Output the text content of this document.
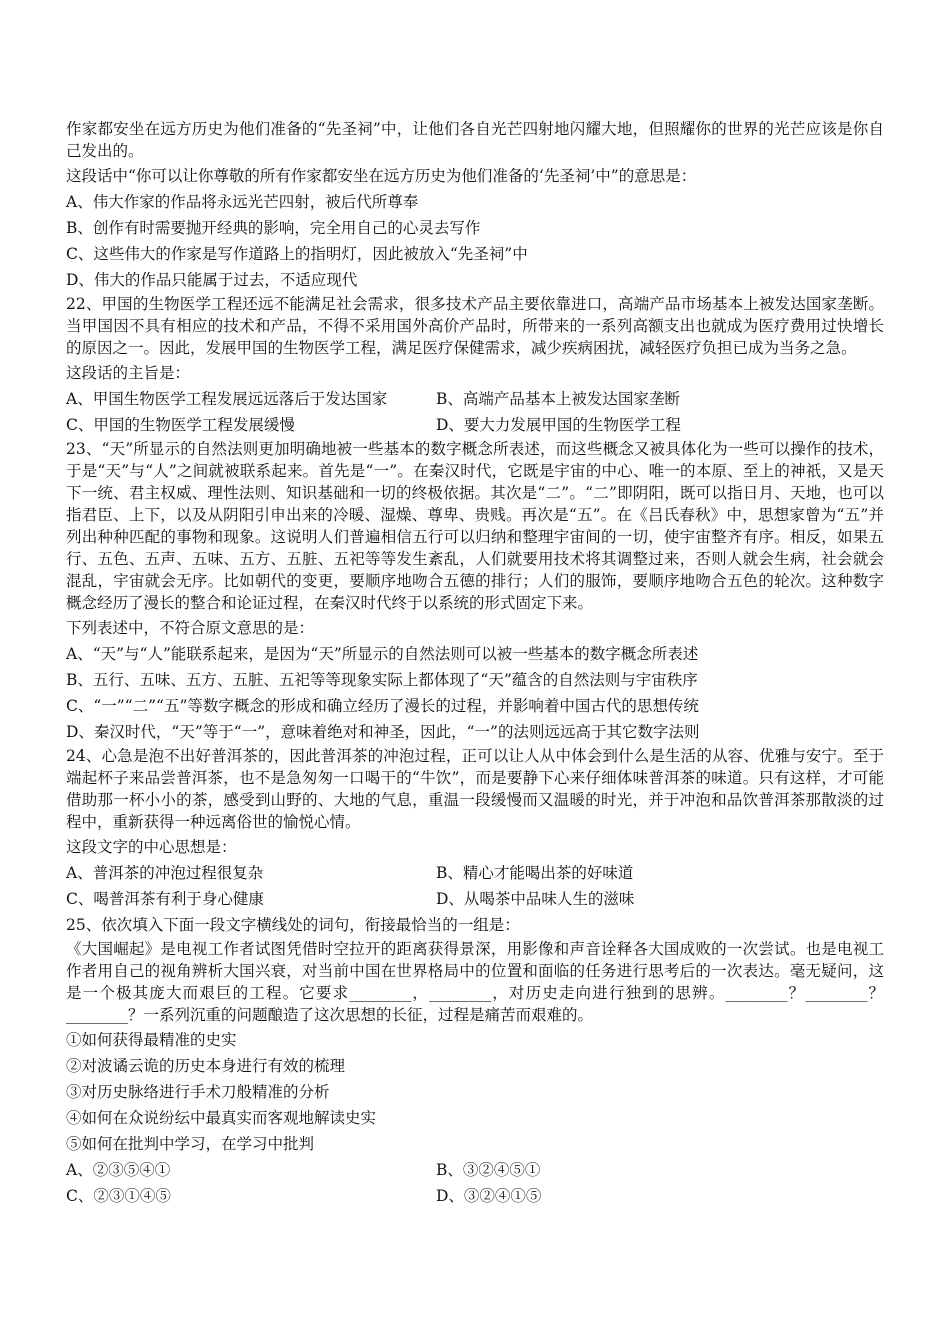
作家都安坐在远方历史为他们准备的“先圣祠”中，让他们各自光芒四射地闪耀大地，但照耀你的世界的光芒应该是你自己发出的。

这段话中“你可以让你尊敬的所有作家都安坐在远方历史为他们准备的‘先圣祠’中”的意思是：

A、伟大作家的作品将永远光芒四射，被后代所尊奉

B、创作有时需要抛开经典的影响，完全用自己的心灵去写作

C、这些伟大的作家是写作道路上的指明灯，因此被放入“先圣祠”中

D、伟大的作品只能属于过去，不适应现代

22、甲国的生物医学工程还远不能满足社会需求，很多技术产品主要依靠进口，高端产品市场基本上被发达国家垄断。当甲国因不具有相应的技术和产品，不得不采用国外高价产品时，所带来的一系列高额支出也就成为医疗费用过快增长的原因之一。因此，发展甲国的生物医学工程，满足医疗保健需求，减少疾病困扰，减轻医疗负担已成为当务之急。

这段话的主旨是：

A、甲国生物医学工程发展远远落后于发达国家	B、高端产品基本上被发达国家垄断
C、甲国的生物医学工程发展缓慢	D、要大力发展甲国的生物医学工程

23、“天”所显示的自然法则更加明确地被一些基本的数字概念所表述，而这些概念又被具体化为一些可以操作的技术，于是“天”与“人”之间就被联系起来。首先是“一”。在秦汉时代，它既是宇宙的中心、唯一的本原、至上的神祇，又是天下一统、君主权威、理性法则、知识基础和一切的终极依据。其次是“二”。“二”即阴阳，既可以指日月、天地，也可以指君臣、上下，以及从阴阳引申出来的冷暖、湿燥、尊卑、贵贱。再次是“五”。在《吕氏春秋》中，思想家曾为“五”并列出种种匹配的事物和现象。这说明人们普遍相信五行可以归纳和整理宇宙间的一切，使宇宙整齐有序。相反，如果五行、五色、五声、五味、五方、五脏、五祀等等发生紊乱，人们就要用技术将其调整过来，否则人就会生病，社会就会混乱，宇宙就会无序。比如朝代的变更，要顺序地吻合五德的排行；人们的服饰，要顺序地吻合五色的轮次。这种数字概念经历了漫长的整合和论证过程，在秦汉时代终于以系统的形式固定下来。

下列表述中，不符合原文意思的是：

A、“天”与“人”能联系起来，是因为“天”所显示的自然法则可以被一些基本的数字概念所表述

B、五行、五味、五方、五脏、五祀等等现象实际上都体现了“天”蕴含的自然法则与宇宙秩序

C、“一”“二”“五”等数字概念的形成和确立经历了漫长的过程，并影响着中国古代的思想传统

D、秦汉时代，“天”等于“一”，意味着绝对和神圣，因此，“一”的法则远远高于其它数字法则

24、心急是泡不出好普洱茶的，因此普洱茶的冲泡过程，正可以让人从中体会到什么是生活的从容、优雅与安宁。至于端起杯子来品尝普洱茶，也不是急匆匆一口喝干的“牛饮”，而是要静下心来仔细体味普洱茶的味道。只有这样，才可能借助那一杯小小的茶，感受到山野的、大地的气息，重温一段缓慢而又温暖的时光，并于冲泡和品饮普洱茶那散淡的过程中，重新获得一种远离俗世的愉悦心情。

这段文字的中心思想是：

A、普洱茶的冲泡过程很复杂	B、精心才能喝出茶的好味道
C、喝普洱茶有利于身心健康	D、从喝茶中品味人生的滋味

25、依次填入下面一段文字横线处的词句，衔接最恰当的一组是：

《大国崛起》是电视工作者试图凭借时空拉开的距离获得景深，用影像和声音诠释各大国成败的一次尝试。也是电视工作者用自己的视角辨析大国兴衰，对当前中国在世界格局中的位置和面临的任务进行思考后的一次表达。毫无疑问，这是一个极其庞大而艰巨的工程。它要求________，________，对历史走向进行独到的思辨。________？________？________？一系列沉重的问题酿造了这次思想的长征，过程是痛苦而艰难的。

①如何获得最精准的史实

②对波谲云诡的历史本身进行有效的梳理

③对历史脉络进行手术刀般精准的分析

④如何在众说纷纭中最真实而客观地解读史实

⑤如何在批判中学习，在学习中批判

A、②③⑤④①	B、③②④⑤①
C、②③①④⑤	D、③②④①⑤
